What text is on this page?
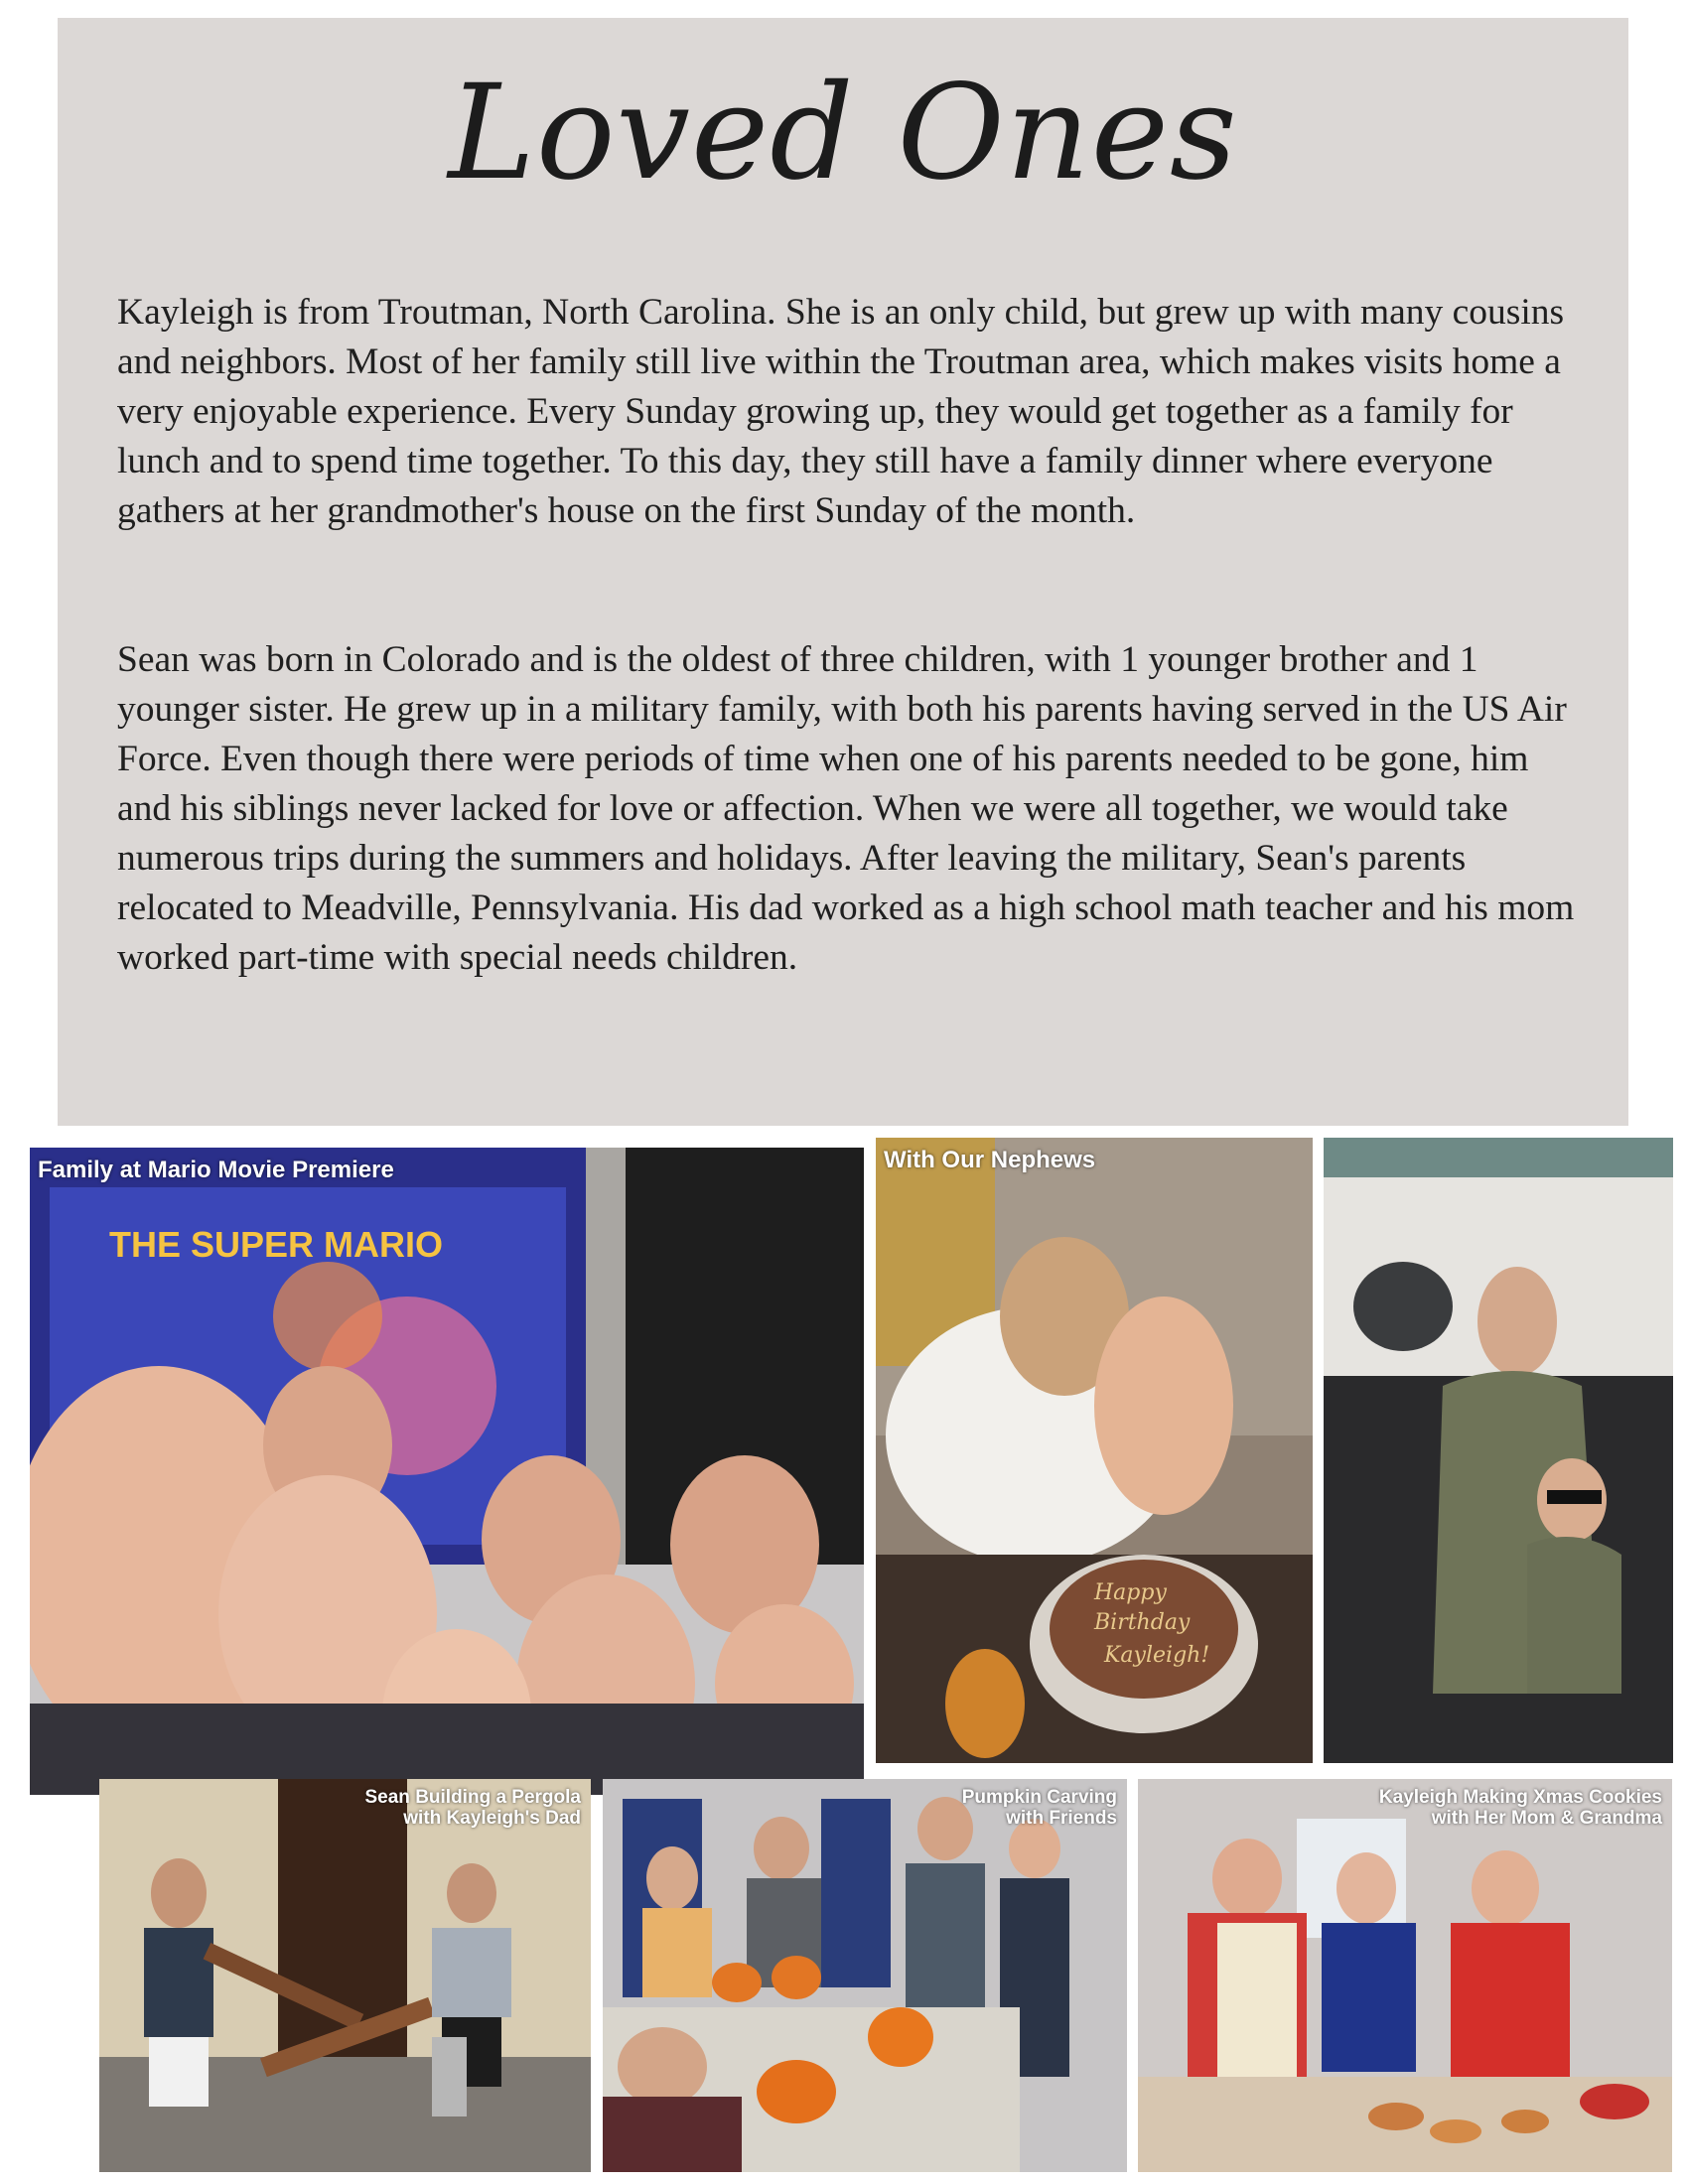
Loved Ones

Kayleigh is from Troutman, North Carolina. She is an only child, but grew up with many cousins and neighbors. Most of her family still live within the Troutman area, which makes visits home a very enjoyable experience. Every Sunday growing up, they would get together as a family for lunch and to spend time together. To this day, they still have a family dinner where everyone gathers at her grandmother's house on the first Sunday of the month.

Sean was born in Colorado and is the oldest of three children, with 1 younger brother and 1 younger sister. He grew up in a military family, with both his parents having served in the US Air Force. Even though there were periods of time when one of his parents needed to be gone, him and his siblings never lacked for love or affection. When we were all together, we would take numerous trips during the summers and holidays. After leaving the military, Sean's parents relocated to Meadville, Pennsylvania. His dad worked as a high school math teacher and his mom worked part-time with special needs children.

THE SUPER MARIO
Family at Mario Movie Premiere
Happy
Birthday
Kayleigh!
With Our Nephews
Sean Building a Pergola
with Kayleigh's Dad
Pumpkin Carving
with Friends
Kayleigh Making Xmas Cookies
with Her Mom & Grandma
